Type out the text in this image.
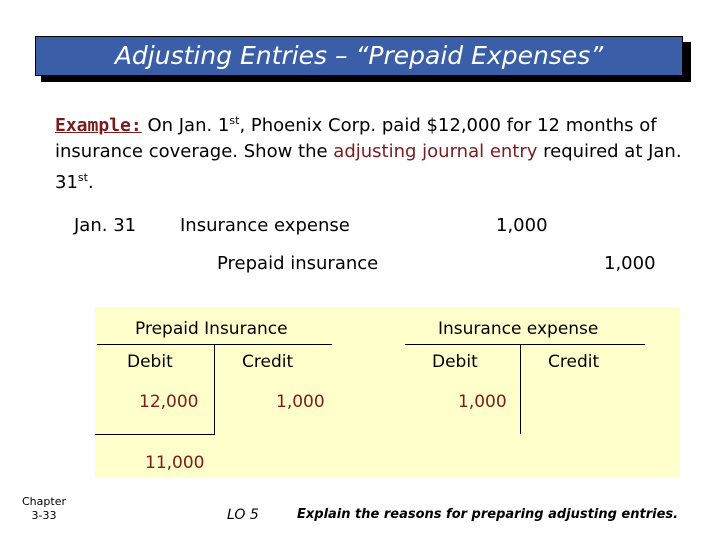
Adjusting Entries – “Prepaid Expenses”
Example: On Jan. 1st, Phoenix Corp. paid $12,000 for 12 months of insurance coverage. Show the adjusting journal entry required at Jan. 31st.
Jan. 31 Insurance expense	1,000
Prepaid insurance	1,000
Prepaid Insurance
Debit	Credit
12,000	1,000
11,000
Insurance expense
Debit	Credit
1,000
Chapter
3-33	LO 5	Explain the reasons for preparing adjusting entries.
